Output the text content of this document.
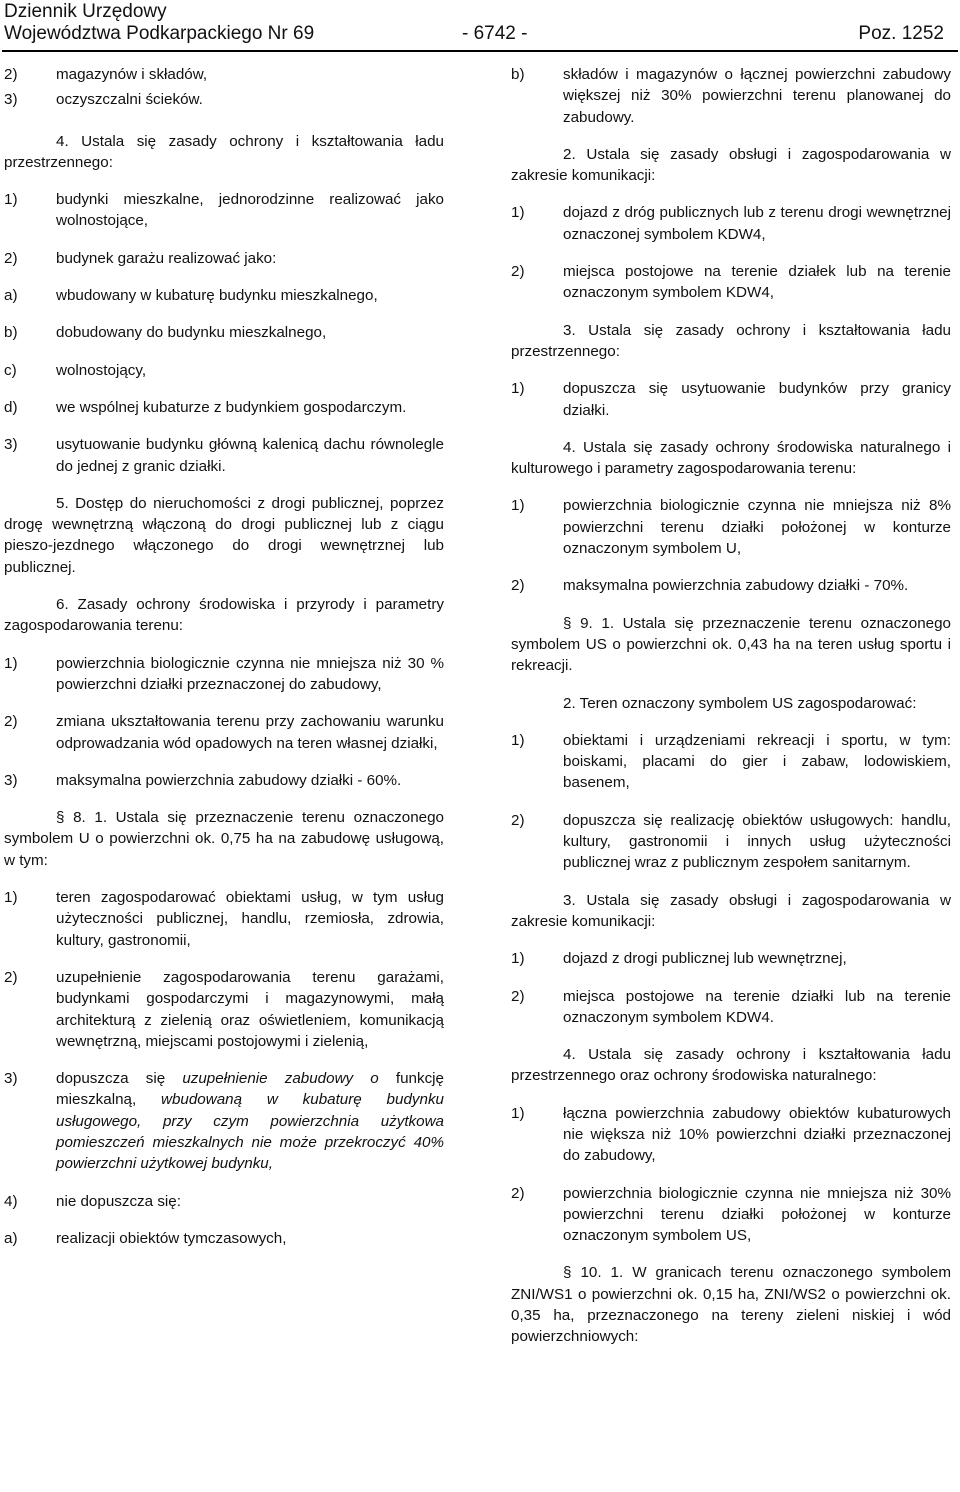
Dziennik Urzędowy
Województwa Podkarpackiego Nr 69	- 6742 -	Poz. 1252
2)	magazynów i składów,
3)	oczyszczalni ścieków.
4. Ustala się zasady ochrony i kształtowania ładu przestrzennego:
1)	budynki mieszkalne, jednorodzinne realizować jako wolnostojące,
2)	budynek garażu realizować jako:
a)	wbudowany w kubaturę budynku mieszkalnego,
b)	dobudowany do budynku mieszkalnego,
c)	wolnostojący,
d)	we wspólnej kubaturze z budynkiem gospodarczym.
3)	usytuowanie budynku główną kalenicą dachu równolegle do jednej z granic działki.
5. Dostęp do nieruchomości z drogi publicznej, poprzez drogę wewnętrzną włączoną do drogi publicznej lub z ciągu pieszo-jezdnego włączonego do drogi wewnętrznej lub publicznej.
6. Zasady ochrony środowiska i przyrody i parametry zagospodarowania terenu:
1)	powierzchnia biologicznie czynna nie mniejsza niż 30 % powierzchni działki przeznaczonej do zabudowy,
2)	zmiana ukształtowania terenu przy zachowaniu warunku odprowadzania wód opadowych na teren własnej działki,
3)	maksymalna powierzchnia zabudowy działki - 60%.
§ 8. 1. Ustala się przeznaczenie terenu oznaczonego symbolem U o powierzchni ok. 0,75 ha na zabudowę usługową, w tym:
1)	teren zagospodarować obiektami usług, w tym usług użyteczności publicznej, handlu, rzemiosła, zdrowia, kultury, gastronomii,
2)	uzupełnienie zagospodarowania terenu garażami, budynkami gospodarczymi i magazynowymi, małą architekturą z zielenią oraz oświetleniem, komunikacją wewnętrzną, miejscami postojowymi i zielenią,
3)	dopuszcza się uzupełnienie zabudowy o funkcję mieszkalną, wbudowaną w kubaturę budynku usługowego, przy czym powierzchnia użytkowa pomieszczeń mieszkalnych nie może przekroczyć 40% powierzchni użytkowej budynku,
4)	nie dopuszcza się:
a)	realizacji obiektów tymczasowych,
b)	składów i magazynów o łącznej powierzchni zabudowy większej niż 30% powierzchni terenu planowanej do zabudowy.
2. Ustala się zasady obsługi i zagospodarowania w zakresie komunikacji:
1)	dojazd z dróg publicznych lub z terenu drogi wewnętrznej oznaczonej symbolem KDW4,
2)	miejsca postojowe na terenie działek lub na terenie oznaczonym symbolem KDW4,
3. Ustala się zasady ochrony i kształtowania ładu przestrzennego:
1)	dopuszcza się usytuowanie budynków przy granicy działki.
4. Ustala się zasady ochrony środowiska naturalnego i kulturowego i parametry zagospodarowania terenu:
1)	powierzchnia biologicznie czynna nie mniejsza niż 8% powierzchni terenu działki położonej w konturze oznaczonym symbolem U,
2)	maksymalna powierzchnia zabudowy działki - 70%.
§ 9. 1. Ustala się przeznaczenie terenu oznaczonego symbolem US o powierzchni ok. 0,43 ha na teren usług sportu i rekreacji.
2. Teren oznaczony symbolem US zagospodarować:
1)	obiektami i urządzeniami rekreacji i sportu, w tym: boiskami, placami do gier i zabaw, lodowiskiem, basenem,
2)	dopuszcza się realizację obiektów usługowych: handlu, kultury, gastronomii i innych usług użyteczności publicznej wraz z publicznym zespołem sanitarnym.
3. Ustala się zasady obsługi i zagospodarowania w zakresie komunikacji:
1)	dojazd z drogi publicznej lub wewnętrznej,
2)	miejsca postojowe na terenie działki lub na terenie oznaczonym symbolem KDW4.
4. Ustala się zasady ochrony i kształtowania ładu przestrzennego oraz ochrony środowiska naturalnego:
1)	łączna powierzchnia zabudowy obiektów kubaturowych nie większa niż 10% powierzchni działki przeznaczonej do zabudowy,
2)	powierzchnia biologicznie czynna nie mniejsza niż 30% powierzchni terenu działki położonej w konturze oznaczonym symbolem US,
§ 10. 1. W granicach terenu oznaczonego symbolem ZNI/WS1 o powierzchni ok. 0,15 ha, ZNI/WS2 o powierzchni ok. 0,35 ha, przeznaczonego na tereny zieleni niskiej i wód powierzchniowych:
